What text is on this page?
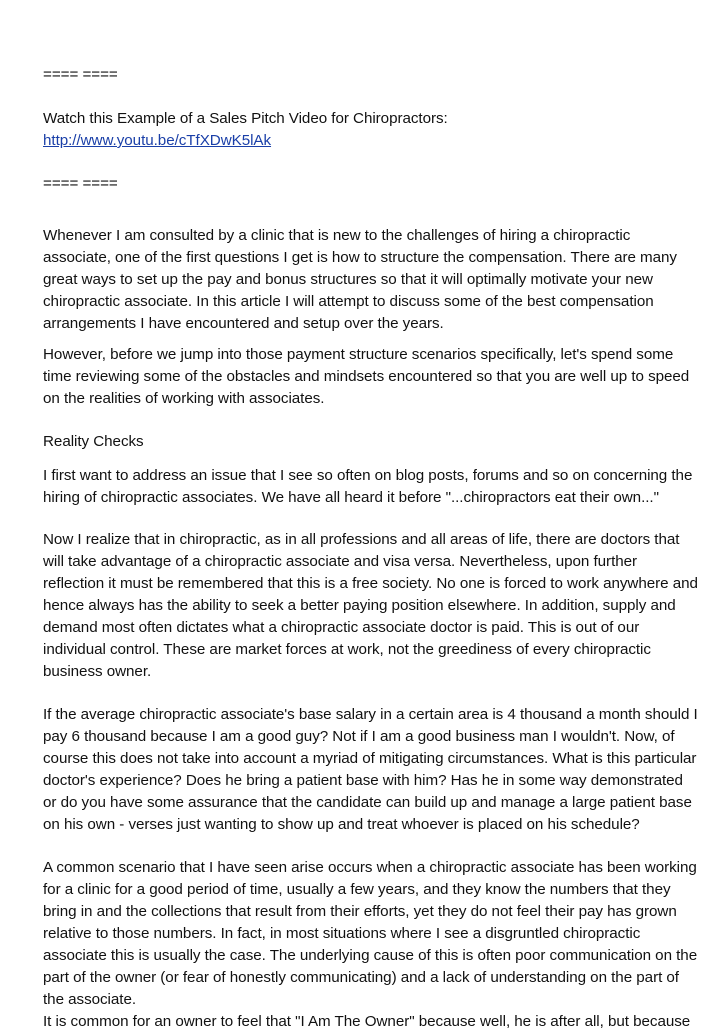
==== ====
Watch this Example of a Sales Pitch Video for Chiropractors:
http://www.youtu.be/cTfXDwK5lAk
==== ====
Whenever I am consulted by a clinic that is new to the challenges of hiring a chiropractic
associate, one of the first questions I get is how to structure the compensation. There are many
great ways to set up the pay and bonus structures so that it will optimally motivate your new
chiropractic associate. In this article I will attempt to discuss some of the best compensation
arrangements I have encountered and setup over the years.
However, before we jump into those payment structure scenarios specifically, let's spend some
time reviewing some of the obstacles and mindsets encountered so that you are well up to speed
on the realities of working with associates.
Reality Checks
I first want to address an issue that I see so often on blog posts, forums and so on concerning the
hiring of chiropractic associates. We have all heard it before "...chiropractors eat their own..."
Now I realize that in chiropractic, as in all professions and all areas of life, there are doctors that
will take advantage of a chiropractic associate and visa versa. Nevertheless, upon further
reflection it must be remembered that this is a free society. No one is forced to work anywhere and
hence always has the ability to seek a better paying position elsewhere. In addition, supply and
demand most often dictates what a chiropractic associate doctor is paid. This is out of our
individual control. These are market forces at work, not the greediness of every chiropractic
business owner.
If the average chiropractic associate's base salary in a certain area is 4 thousand a month should I
pay 6 thousand because I am a good guy? Not if I am a good business man I wouldn't. Now, of
course this does not take into account a myriad of mitigating circumstances. What is this particular
doctor's experience? Does he bring a patient base with him? Has he in some way demonstrated
or do you have some assurance that the candidate can build up and manage a large patient base
on his own - verses just wanting to show up and treat whoever is placed on his schedule?
A common scenario that I have seen arise occurs when a chiropractic associate has been working
for a clinic for a good period of time, usually a few years, and they know the numbers that they
bring in and the collections that result from their efforts, yet they do not feel their pay has grown
relative to those numbers. In fact, in most situations where I see a disgruntled chiropractic
associate this is usually the case. The underlying cause of this is often poor communication on the
part of the owner (or fear of honestly communicating) and a lack of understanding on the part of
the associate.
It is common for an owner to feel that "I Am The Owner" because well, he is after all, but because
